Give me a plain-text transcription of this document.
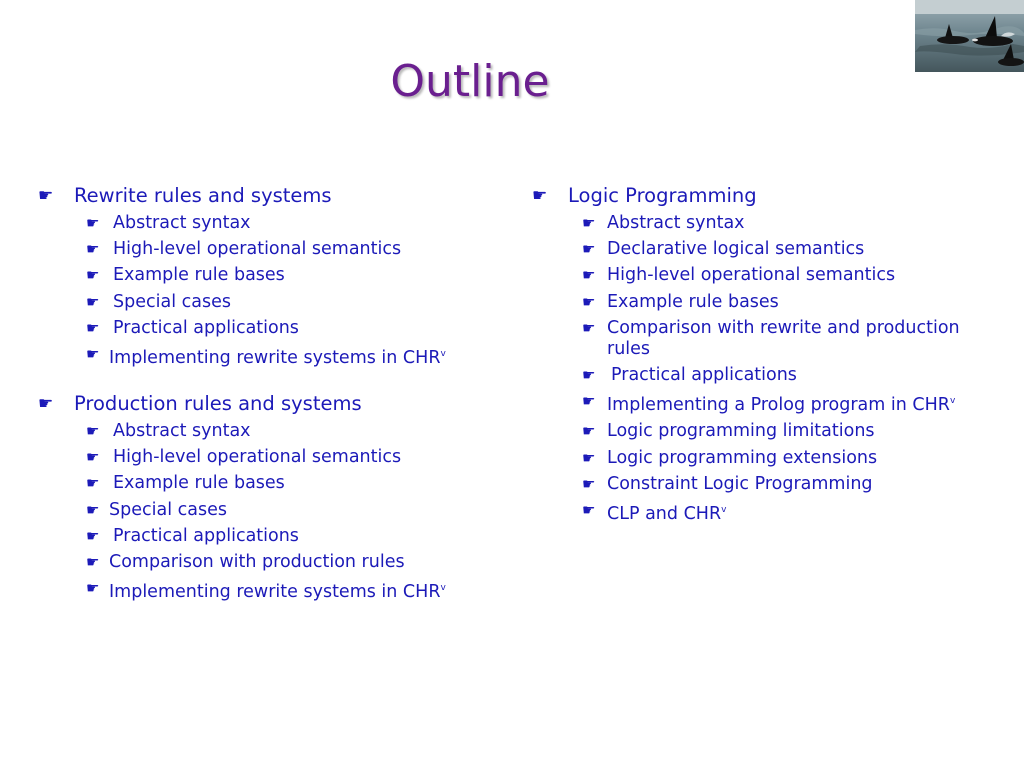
Outline
☛	Rewrite rules and systems
☛ Abstract syntax
☛ High-level operational semantics
☛ Example rule bases
☛ Special cases
☛ Practical applications
☛ Implementing rewrite systems in CHR$^v$
☛	Production rules and systems
☛ Abstract syntax
☛ High-level operational semantics
☛ Example rule bases
☛ Special cases
☛ Practical applications
☛ Comparison with production rules
☛ Implementing rewrite systems in CHR$^v$
☛	Logic Programming
☛ Abstract syntax
☛ Declarative logical semantics
☛ High-level operational semantics
☛ Example rule bases
☛ Comparison with rewrite and production rules
☛ Practical applications
☛ Implementing a Prolog program in CHR$^v$
☛ Logic programming limitations
☛ Logic programming extensions
☛ Constraint Logic Programming
☛ CLP and CHR$^v$
